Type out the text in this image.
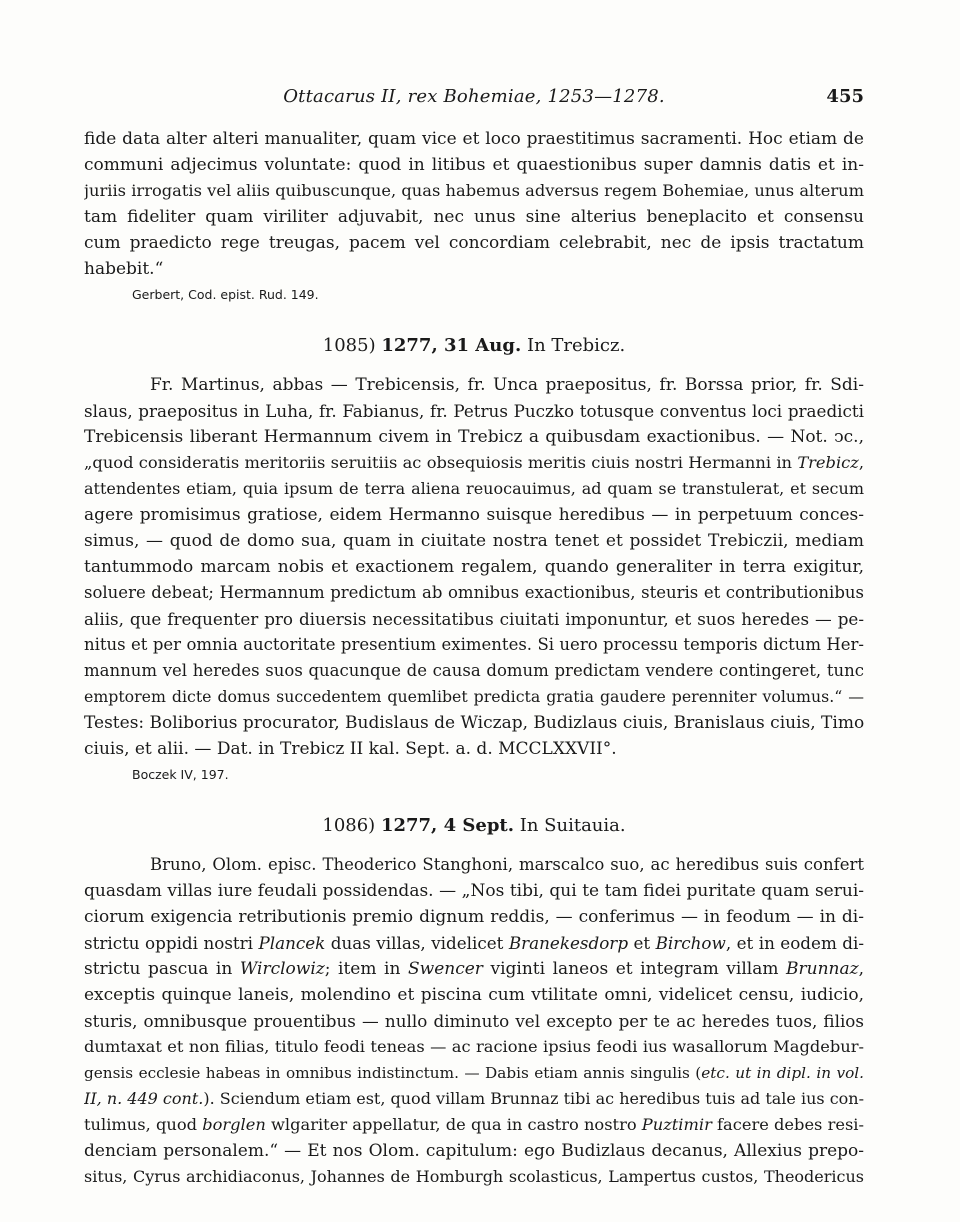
Ottacarus II, rex Bohemiae, 1253—1278.	455
fide data alter alteri manualiter, quam vice et loco praestitimus sacramenti. Hoc etiam de
communi adjecimus voluntate: quod in litibus et quaestionibus super damnis datis et in-
juriis irrogatis vel aliis quibuscunque, quas habemus adversus regem Bohemiae, unus alterum
tam fideliter quam viriliter adjuvabit, nec unus sine alterius beneplacito et consensu
cum praedicto rege treugas, pacem vel concordiam celebrabit, nec de ipsis tractatum
habebit.“
Gerbert, Cod. epist. Rud. 149.
1085) 1277, 31 Aug. In Trebicz.
Fr. Martinus, abbas — Trebicensis, fr. Unca praepositus, fr. Borssa prior, fr. Sdi-
slaus, praepositus in Luha, fr. Fabianus, fr. Petrus Puczko totusque conventus loci praedicti
Trebicensis liberant Hermannum civem in Trebicz a quibusdam exactionibus. — Not. ↄc.,
„quod consideratis meritoriis seruitiis ac obsequiosis meritis ciuis nostri Hermanni in Trebicz,
attendentes etiam, quia ipsum de terra aliena reuocauimus, ad quam se transtulerat, et secum
agere promisimus gratiose, eidem Hermanno suisque heredibus — in perpetuum conces-
simus, — quod de domo sua, quam in ciuitate nostra tenet et possidet Trebiczii, mediam
tantummodo marcam nobis et exactionem regalem, quando generaliter in terra exigitur,
soluere debeat; Hermannum predictum ab omnibus exactionibus, steuris et contributionibus
aliis, que frequenter pro diuersis necessitatibus ciuitati imponuntur, et suos heredes — pe-
nitus et per omnia auctoritate presentium eximentes. Si uero processu temporis dictum Her-
mannum vel heredes suos quacunque de causa domum predictam vendere contingeret, tunc
emptorem dicte domus succedentem quemlibet predicta gratia gaudere perenniter volumus.“ —
Testes: Boliborius procurator, Budislaus de Wiczap, Budizlaus ciuis, Branislaus ciuis, Timo
ciuis, et alii. — Dat. in Trebicz II kal. Sept. a. d. MCCLXXVII°.
Boczek IV, 197.
1086) 1277, 4 Sept. In Suitauia.
Bruno, Olom. episc. Theoderico Stanghoni, marscalco suo, ac heredibus suis confert
quasdam villas iure feudali possidendas. — „Nos tibi, qui te tam fidei puritate quam serui-
ciorum exigencia retributionis premio dignum reddis, — conferimus — in feodum — in di-
strictu oppidi nostri Plancek duas villas, videlicet Branekesdorp et Birchow, et in eodem di-
strictu pascua in Wirclowiz; item in Swencer viginti laneos et integram villam Brunnaz,
exceptis quinque laneis, molendino et piscina cum vtilitate omni, videlicet censu, iudicio,
sturis, omnibusque prouentibus — nullo diminuto vel excepto per te ac heredes tuos, filios
dumtaxat et non filias, titulo feodi teneas — ac racione ipsius feodi ius wasallorum Magdebur-
gensis ecclesie habeas in omnibus indistinctum. — Dabis etiam annis singulis (etc. ut in dipl. in vol.
II, n. 449 cont.). Sciendum etiam est, quod villam Brunnaz tibi ac heredibus tuis ad tale ius con-
tulimus, quod borglen wlgariter appellatur, de qua in castro nostro Puztimir facere debes resi-
denciam personalem.“ — Et nos Olom. capitulum: ego Budizlaus decanus, Allexius prepo-
situs, Cyrus archidiaconus, Johannes de Homburgh scolasticus, Lampertus custos, Theodericus
